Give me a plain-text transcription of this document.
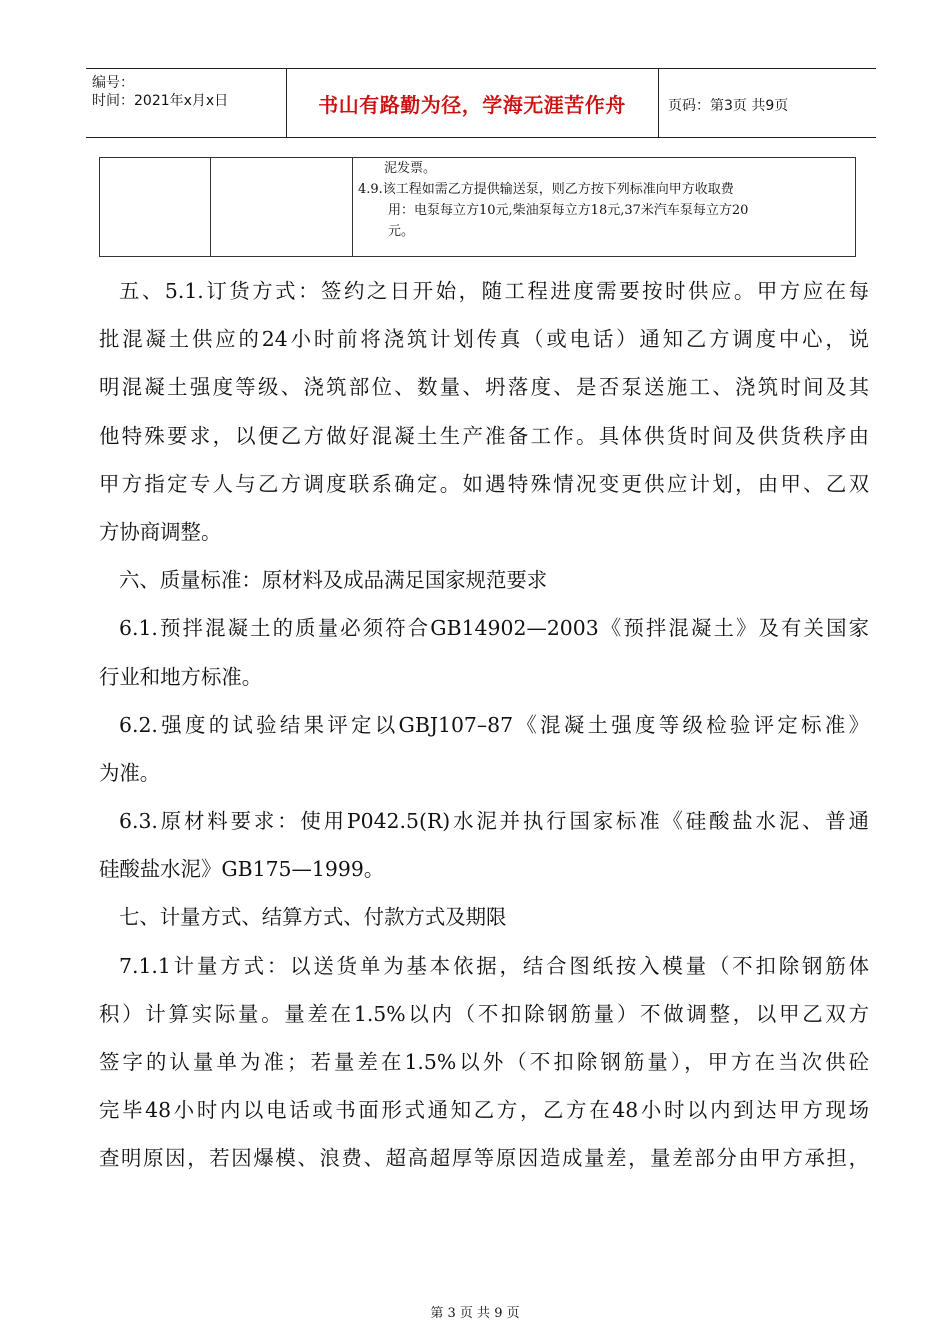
编号：
时间：2021年x月x日	书山有路勤为径，学海无涯苦作舟	页码：第3页 共9页
泥发票。
4.9.该工程如需乙方提供输送泵，则乙方按下列标准向甲方收取费
用：电泵每立方10元,柴油泵每立方18元,37米汽车泵每立方20
元。
五、5.1.订货方式：签约之日开始，随工程进度需要按时供应。甲方应在每
批混凝土供应的24小时前将浇筑计划传真（或电话）通知乙方调度中心，说
明混凝土强度等级、浇筑部位、数量、坍落度、是否泵送施工、浇筑时间及其
他特殊要求，以便乙方做好混凝土生产准备工作。具体供货时间及供货秩序由
甲方指定专人与乙方调度联系确定。如遇特殊情况变更供应计划，由甲、乙双
方协商调整。
六、质量标准：原材料及成品满足国家规范要求
6.1.预拌混凝土的质量必须符合GB14902—2003《预拌混凝土》及有关国家
行业和地方标准。
6.2.强度的试验结果评定以GBJ107–87《混凝土强度等级检验评定标准》
为准。
6.3.原材料要求：使用P042.5(R)水泥并执行国家标准《硅酸盐水泥、普通
硅酸盐水泥》GB175—1999。
七、计量方式、结算方式、付款方式及期限
7.1.1计量方式：以送货单为基本依据，结合图纸按入模量（不扣除钢筋体
积）计算实际量。量差在1.5%以内（不扣除钢筋量）不做调整，以甲乙双方
签字的认量单为准；若量差在1.5%以外（不扣除钢筋量），甲方在当次供砼
完毕48小时内以电话或书面形式通知乙方，乙方在48小时以内到达甲方现场
查明原因，若因爆模、浪费、超高超厚等原因造成量差，量差部分由甲方承担，
第 3 页 共 9 页
